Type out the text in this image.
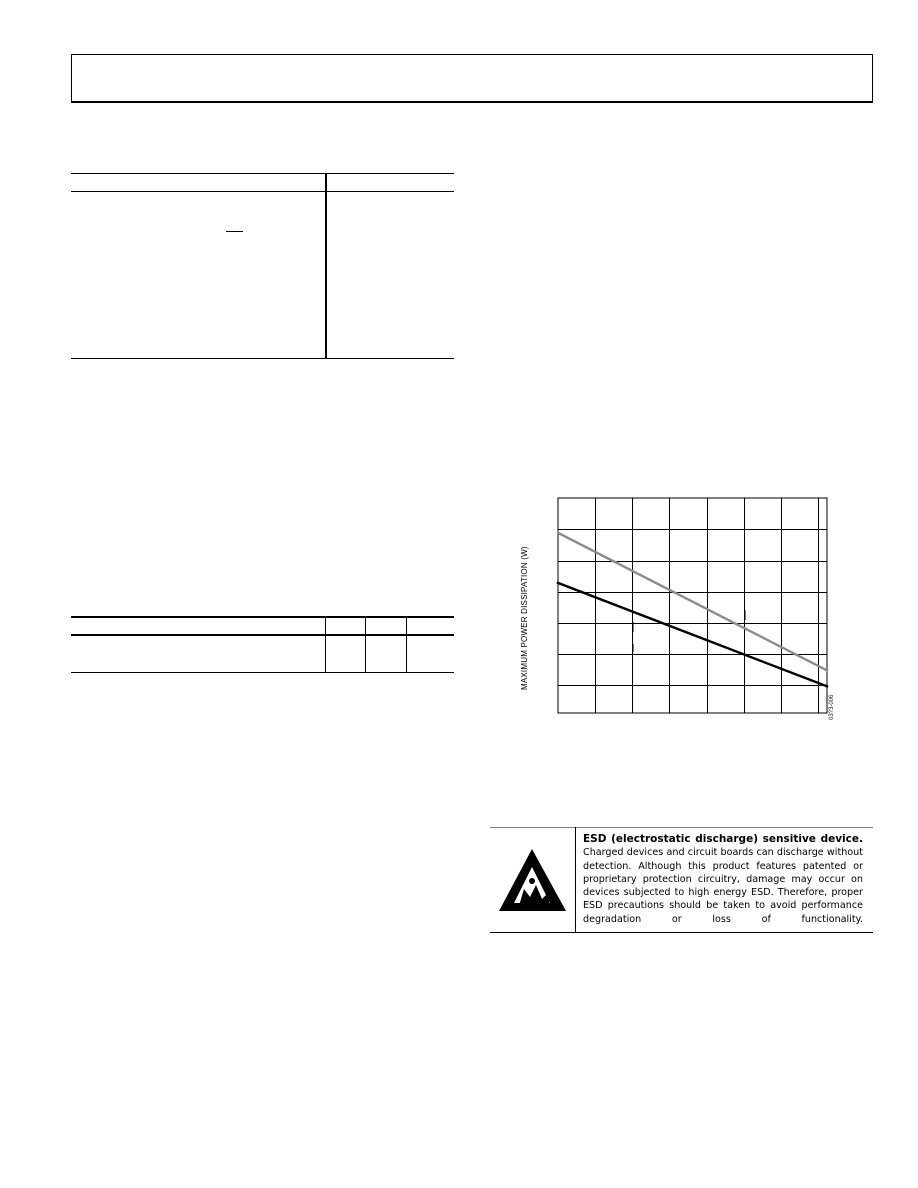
MAXIMUM POWER DISSIPATION (W)
03?3-006
ESD (electrostatic discharge) sensitive device. Charged devices and circuit boards can discharge without detection. Although this product features patented or proprietary protection circuitry, damage may occur on devices subjected to high energy ESD. Therefore, proper ESD precautions should be taken to avoid performance degradation or loss of functionality.
